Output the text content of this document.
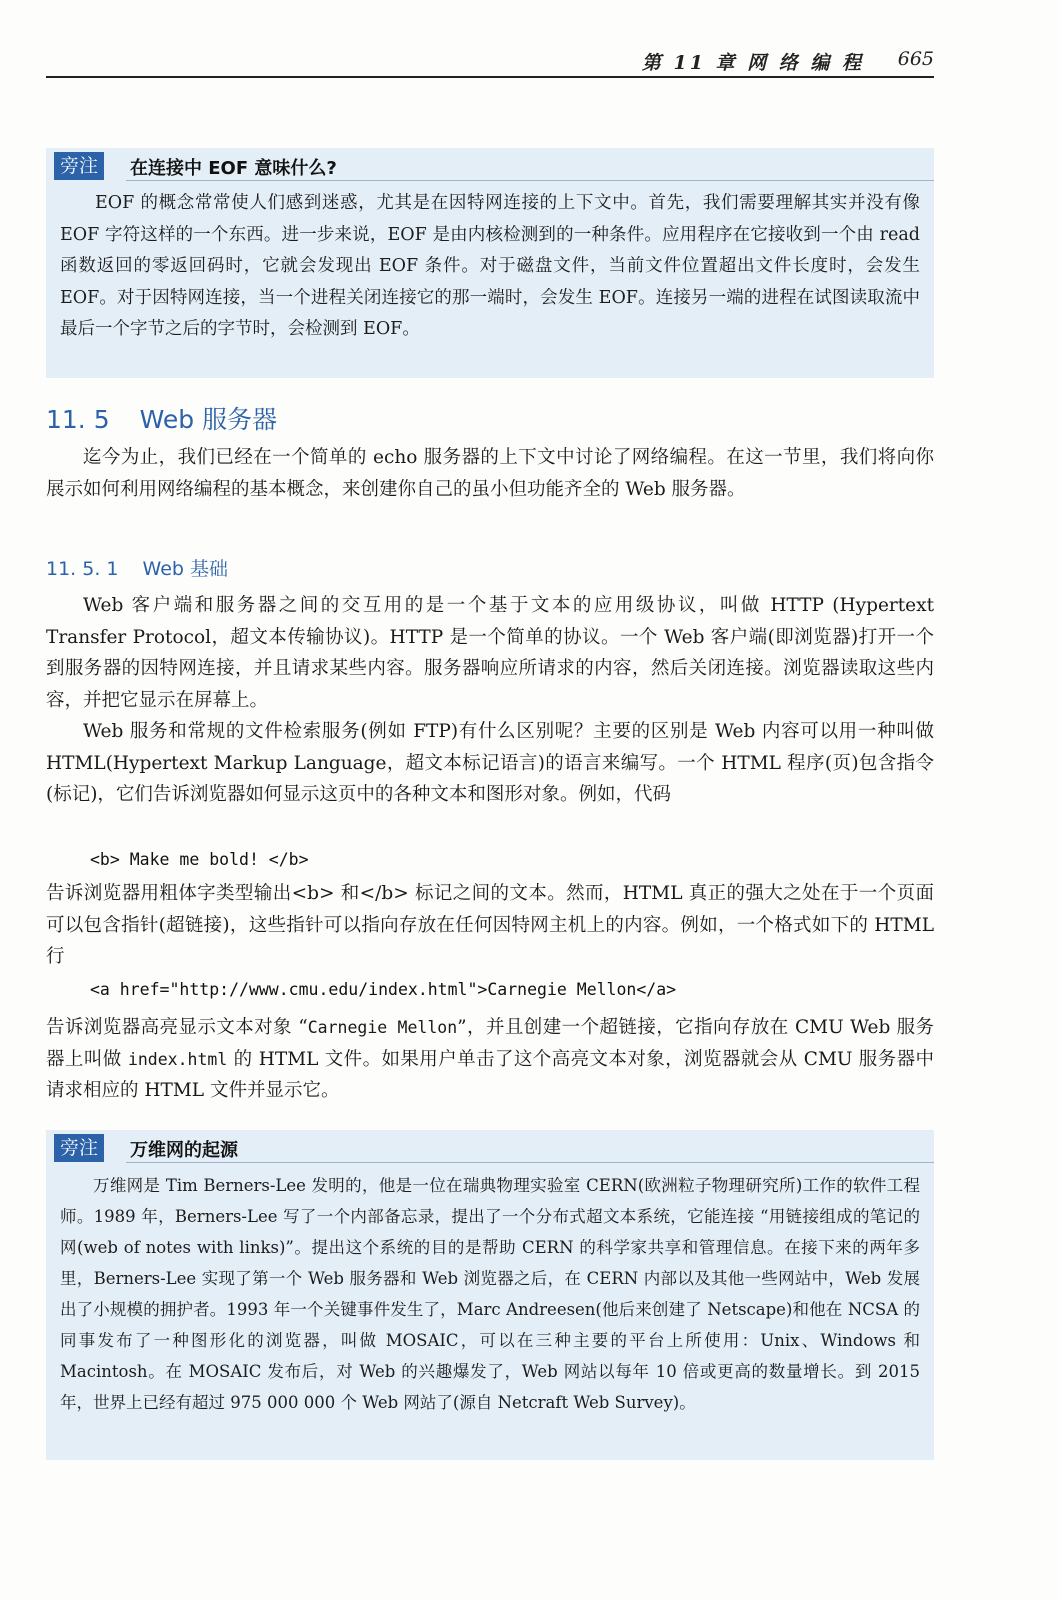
第 11 章 网 络 编 程 665
旁注	在连接中 EOF 意味什么?
EOF 的概念常常使人们感到迷惑，尤其是在因特网连接的上下文中。首先，我们需要理解其实并没有像 EOF 字符这样的一个东西。进一步来说，EOF 是由内核检测到的一种条件。应用程序在它接收到一个由 read 函数返回的零返回码时，它就会发现出 EOF 条件。对于磁盘文件，当前文件位置超出文件长度时，会发生 EOF。对于因特网连接，当一个进程关闭连接它的那一端时，会发生 EOF。连接另一端的进程在试图读取流中最后一个字节之后的字节时，会检测到 EOF。
11. 5 Web 服务器
迄今为止，我们已经在一个简单的 echo 服务器的上下文中讨论了网络编程。在这一节里，我们将向你展示如何利用网络编程的基本概念，来创建你自己的虽小但功能齐全的 Web 服务器。
11. 5. 1 Web 基础
Web 客户端和服务器之间的交互用的是一个基于文本的应用级协议，叫做 HTTP (Hypertext Transfer Protocol，超文本传输协议)。HTTP 是一个简单的协议。一个 Web 客户端(即浏览器)打开一个到服务器的因特网连接，并且请求某些内容。服务器响应所请求的内容，然后关闭连接。浏览器读取这些内容，并把它显示在屏幕上。
Web 服务和常规的文件检索服务(例如 FTP)有什么区别呢？主要的区别是 Web 内容可以用一种叫做 HTML(Hypertext Markup Language，超文本标记语言)的语言来编写。一个 HTML 程序(页)包含指令(标记)，它们告诉浏览器如何显示这页中的各种文本和图形对象。例如，代码
<b> Make me bold! </b>
告诉浏览器用粗体字类型输出<b> 和</b> 标记之间的文本。然而，HTML 真正的强大之处在于一个页面可以包含指针(超链接)，这些指针可以指向存放在任何因特网主机上的内容。例如，一个格式如下的 HTML 行
<a href="http://www.cmu.edu/index.html">Carnegie Mellon</a>
告诉浏览器高亮显示文本对象 “Carnegie Mellon”，并且创建一个超链接，它指向存放在 CMU Web 服务器上叫做 index.html 的 HTML 文件。如果用户单击了这个高亮文本对象，浏览器就会从 CMU 服务器中请求相应的 HTML 文件并显示它。
旁注	万维网的起源
万维网是 Tim Berners-Lee 发明的，他是一位在瑞典物理实验室 CERN(欧洲粒子物理研究所)工作的软件工程师。1989 年，Berners-Lee 写了一个内部备忘录，提出了一个分布式超文本系统，它能连接 “用链接组成的笔记的网(web of notes with links)”。提出这个系统的目的是帮助 CERN 的科学家共享和管理信息。在接下来的两年多里，Berners-Lee 实现了第一个 Web 服务器和 Web 浏览器之后，在 CERN 内部以及其他一些网站中，Web 发展出了小规模的拥护者。1993 年一个关键事件发生了，Marc Andreesen(他后来创建了 Netscape)和他在 NCSA 的同事发布了一种图形化的浏览器，叫做 MOSAIC，可以在三种主要的平台上所使用：Unix、Windows 和 Macintosh。在 MOSAIC 发布后，对 Web 的兴趣爆发了，Web 网站以每年 10 倍或更高的数量增长。到 2015 年，世界上已经有超过 975 000 000 个 Web 网站了(源自 Netcraft Web Survey)。
